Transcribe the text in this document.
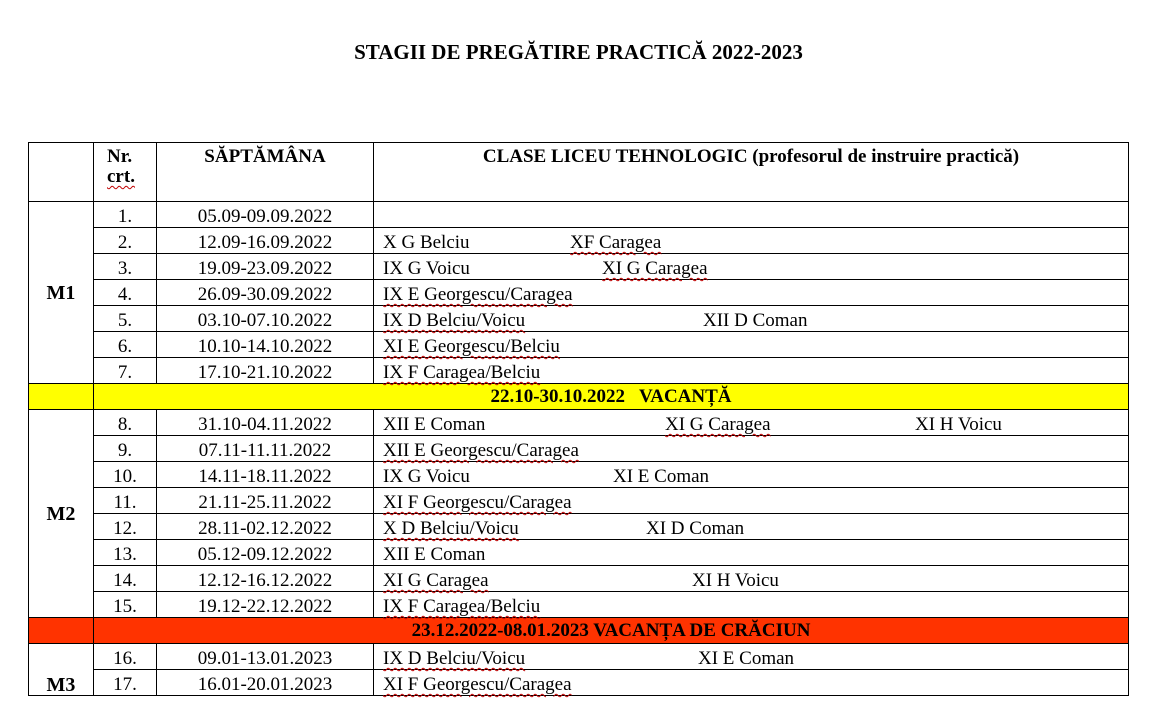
STAGII DE PREGĂTIRE PRACTICĂ 2022-2023
	Nr.
crt.	SĂPTĂMÂNA	CLASE LICEU TEHNOLOGIC (profesorul de instruire practică)
M1	1.	05.09-09.09.2022	
	2.	12.09-16.09.2022	X G Belciu XF Caragea

	3.	19.09-23.09.2022	IX G Voicu XI G Caragea

	4.	26.09-30.09.2022	IX E Georgescu/Caragea

	5.	03.10-07.10.2022	IX D Belciu/Voicu XII D Coman

	6.	10.10-14.10.2022	XI E Georgescu/Belciu

	7.	17.10-21.10.2022	IX F Caragea/Belciu

	22.10-30.10.2022   VACANȚĂ		
M2	8.	31.10-04.11.2022	XII E Coman XI G Caragea XI H Voicu

	9.	07.11-11.11.2022	XII E Georgescu/Caragea

	10.	14.11-18.11.2022	IX G Voicu XI E Coman

	11.	21.11-25.11.2022	XI F Georgescu/Caragea

	12.	28.11-02.12.2022	X D Belciu/Voicu XI D Coman

	13.	05.12-09.12.2022	XII E Coman

	14.	12.12-16.12.2022	XI G Caragea XI H Voicu

	15.	19.12-22.12.2022	IX F Caragea/Belciu

	23.12.2022-08.01.2023 VACANȚA DE CRĂCIUN		
M3	16.	09.01-13.01.2023	IX D Belciu/Voicu XI E Coman

	17.	16.01-20.01.2023	XI F Georgescu/Caragea
